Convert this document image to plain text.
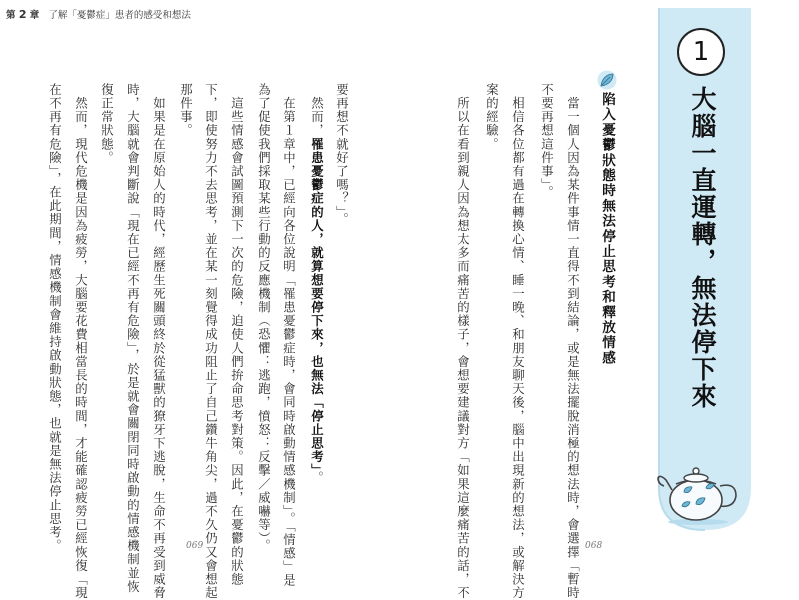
第 2 章 了解「憂鬱症」患者的感受和想法
要再想不就好了嗎？」。
　然而，罹患憂鬱症的人，就算想要停下來，也無法「停止思考」。
　在第１章中，已經向各位說明「罹患憂鬱症時，會同時啟動情感機制」。「情感」是
為了促使我們採取某些行動的反應機制（恐懼：逃跑，憤怒：反擊／威嚇等）。
　這些情感會試圖預測下一次的危險，迫使人們拚命思考對策。因此，在憂鬱的狀態
下，即使努力不去思考，並在某一刻覺得成功阻止了自己鑽牛角尖，過不久仍又會想起
那件事。
　如果是在原始人的時代，經歷生死關頭終於從猛獸的獠牙下逃脫，生命不再受到威脅
時，大腦就會判斷說「現在已經不再有危險」，於是就會關閉同時啟動的情感機制並恢
復正常狀態。
　然而，現代危機是因為疲勞，大腦要花費相當長的時間，才能確認疲勞已經恢復「現
在不再有危險」，在此期間，情感機制會維持啟動狀態，也就是無法停止思考。	069
陷入憂鬱狀態時無法停止思考和釋放情感
　當一個人因為某件事情一直得不到結論，或是無法擺脫消極的想法時，會選擇「暫時
不要再想這件事」。
　相信各位都有過在轉換心情、睡一晚、和朋友聊天後，腦中出現新的想法，或解決方
案的經驗。
　所以在看到親人因為想太多而痛苦的樣子，會想要建議對方「如果這麼痛苦的話，不	068
1
大腦一直運轉，無法停下來
